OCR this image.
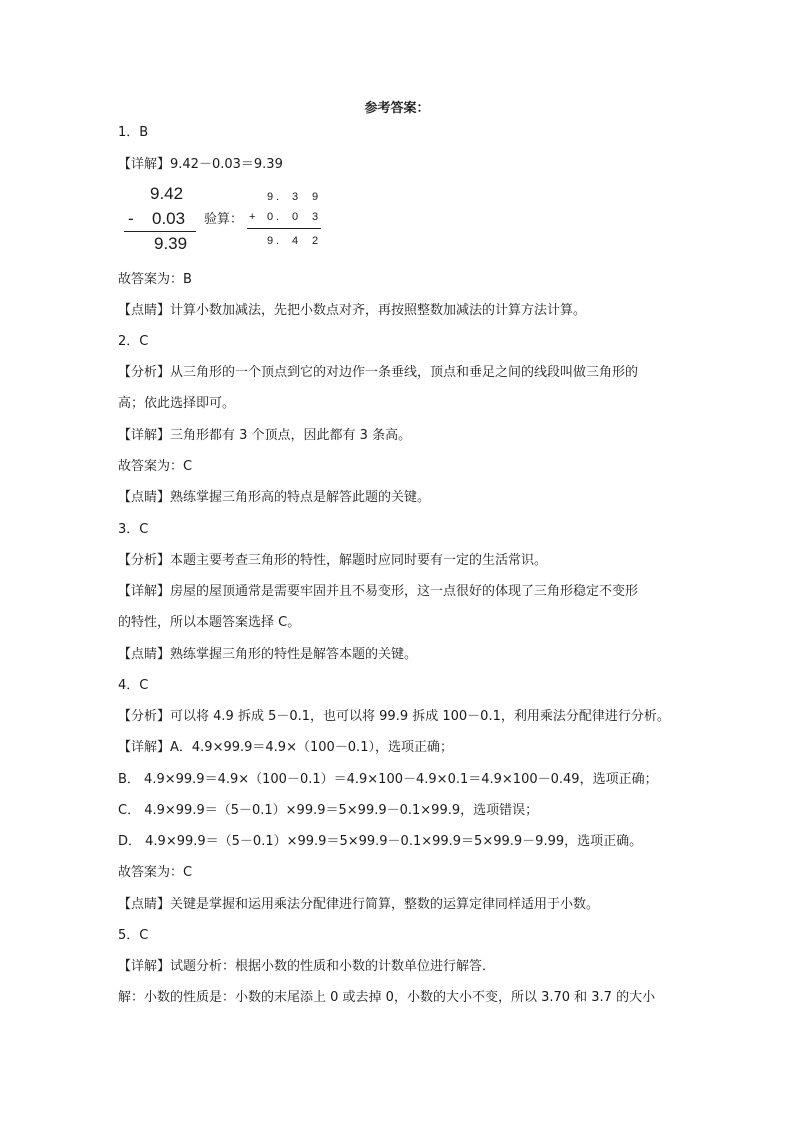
参考答案：
1．B
【详解】9.42－0.03＝9.39
9.42
- 0.03
9.39
验算：
9 . 3 9
+ 0 . 0 3
9 . 4 2
故答案为：B
【点睛】计算小数加减法，先把小数点对齐，再按照整数加减法的计算方法计算。
2．C
【分析】从三角形的一个顶点到它的对边作一条垂线，顶点和垂足之间的线段叫做三角形的
高；依此选择即可。
【详解】三角形都有 3 个顶点，因此都有 3 条高。
故答案为：C
【点睛】熟练掌握三角形高的特点是解答此题的关键。
3．C
【分析】本题主要考查三角形的特性，解题时应同时要有一定的生活常识。
【详解】房屋的屋顶通常是需要牢固并且不易变形，这一点很好的体现了三角形稳定不变形
的特性，所以本题答案选择 C。
【点睛】熟练掌握三角形的特性是解答本题的关键。
4．C
【分析】可以将 4.9 拆成 5－0.1，也可以将 99.9 拆成 100－0.1，利用乘法分配律进行分析。
【详解】A．4.9×99.9＝4.9×（100－0.1），选项正确；
B． 4.9×99.9＝4.9×（100－0.1）＝4.9×100－4.9×0.1＝4.9×100－0.49，选项正确；
C． 4.9×99.9＝（5－0.1）×99.9＝5×99.9－0.1×99.9，选项错误；
D． 4.9×99.9＝（5－0.1）×99.9＝5×99.9－0.1×99.9＝5×99.9－9.99，选项正确。
故答案为：C
【点睛】关键是掌握和运用乘法分配律进行简算，整数的运算定律同样适用于小数。
5．C
【详解】试题分析：根据小数的性质和小数的计数单位进行解答．
解：小数的性质是：小数的末尾添上 0 或去掉 0，小数的大小不变，所以 3.70 和 3.7 的大小
